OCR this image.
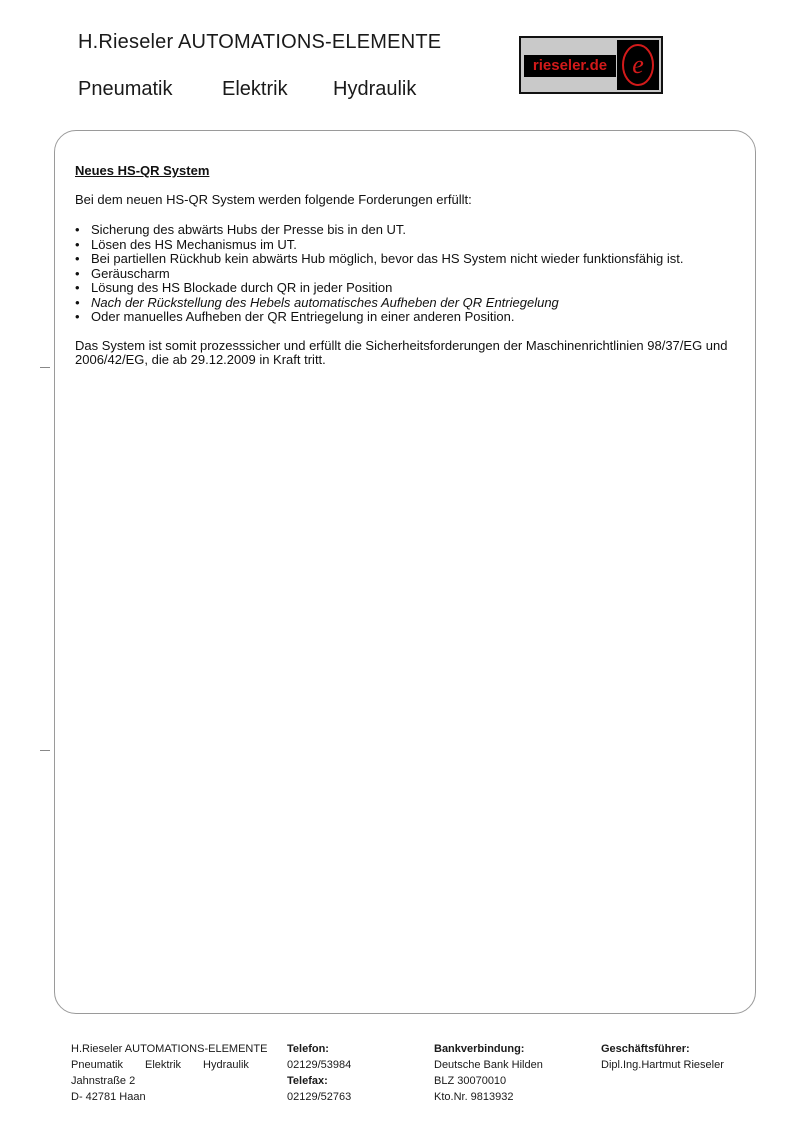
H.Rieseler AUTOMATIONS-ELEMENTE
Pneumatik Elektrik Hydraulik
rieseler.de e

Neues HS-QR System

Bei dem neuen HS-QR System werden folgende Forderungen erfüllt:

• Sicherung des abwärts Hubs der Presse bis in den UT.
• Lösen des HS Mechanismus im UT.
• Bei partiellen Rückhub kein abwärts Hub möglich, bevor das HS System nicht wieder funktionsfähig ist.
• Geräuscharm
• Lösung des HS Blockade durch QR in jeder Position
• Nach der Rückstellung des Hebels automatisches Aufheben der QR Entriegelung
• Oder manuelles Aufheben der QR Entriegelung in einer anderen Position.

Das System ist somit prozesssicher und erfüllt die Sicherheitsforderungen der Maschinenrichtlinien 98/37/EG und 2006/42/EG, die ab 29.12.2009 in Kraft tritt.

H.Rieseler AUTOMATIONS-ELEMENTE
Pneumatik Elektrik Hydraulik
Jahnstraße 2
D- 42781 Haan
Telefon:
02129/53984
Telefax:
02129/52763
Bankverbindung:
Deutsche Bank Hilden
BLZ 30070010
Kto.Nr. 9813932
Geschäftsführer:
Dipl.Ing.Hartmut Rieseler
